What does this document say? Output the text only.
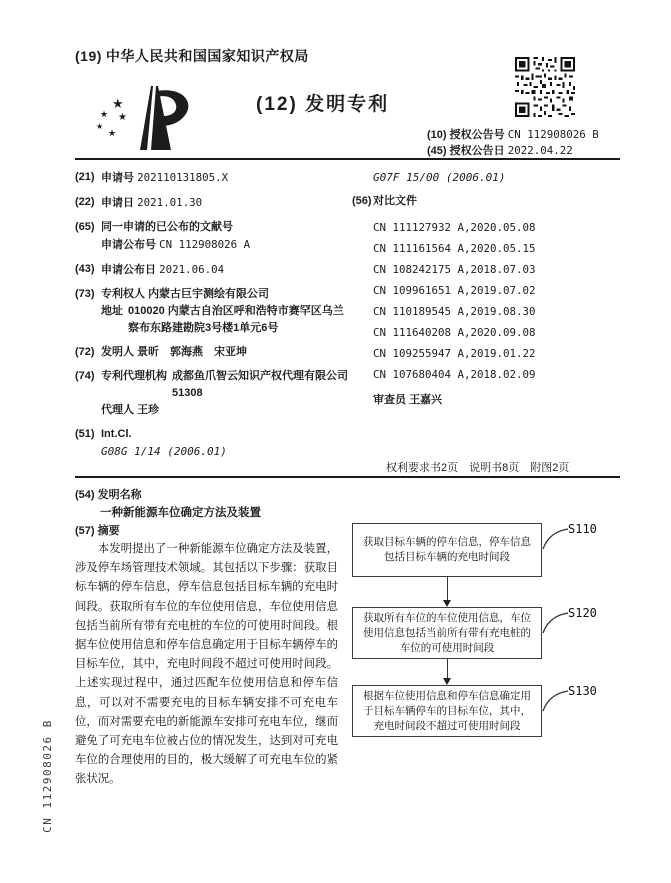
(19) 中华人民共和国国家知识产权局
★
★ ★
★
★
(12) 发明专利
(10) 授权公告号 CN 112908026 B
(45) 授权公告日 2022.04.22
(21) 申请号 202110131805.X
(22) 申请日 2021.01.30
(65) 同一申请的已公布的文献号
申请公布号 CN 112908026 A
(43) 申请公布日 2021.06.04
(73) 专利权人 内蒙古巨宇测绘有限公司
地址 010020 内蒙古自治区呼和浩特市赛罕区乌兰察布东路建勘院3号楼1单元6号
(72) 发明人 景昕　郭海燕　宋亚坤
(74) 专利代理机构 成都鱼爪智云知识产权代理有限公司 51308
代理人 王珍
(51) Int.Cl.
G08G 1/14 (2006.01)
G07F 15/00 (2006.01)
(56) 对比文件
CN 111127932 A,2020.05.08
CN 111161564 A,2020.05.15
CN 108242175 A,2018.07.03
CN 109961651 A,2019.07.02
CN 110189545 A,2019.08.30
CN 111640208 A,2020.09.08
CN 109255947 A,2019.01.22
CN 107680404 A,2018.02.09
审查员 王嘉兴
权利要求书2页　说明书8页　附图2页
(54) 发明名称
一种新能源车位确定方法及装置
(57) 摘要

本发明提出了一种新能源车位确定方法及装置，涉及停车场管理技术领域。其包括以下步骤：获取目标车辆的停车信息，停车信息包括目标车辆的充电时间段。获取所有车位的车位使用信息，车位使用信息包括当前所有带有充电桩的车位的可使用时间段。根据车位使用信息和停车信息确定用于目标车辆停车的目标车位，其中，充电时间段不超过可使用时间段。上述实现过程中，通过匹配车位使用信息和停车信息，可以对不需要充电的目标车辆安排不可充电车位，而对需要充电的新能源车安排可充电车位，继而避免了可充电车位被占位的情况发生，达到对可充电车位的合理使用的目的，极大缓解了可充电车位的紧张状况。

获取目标车辆的停车信息，停车信息包括目标车辆的充电时间段
S110
获取所有车位的车位使用信息，车位使用信息包括当前所有带有充电桩的车位的可使用时间段
S120
根据车位使用信息和停车信息确定用于目标车辆停车的目标车位，其中，充电时间段不超过可使用时间段
S130
CN 112908026 B
